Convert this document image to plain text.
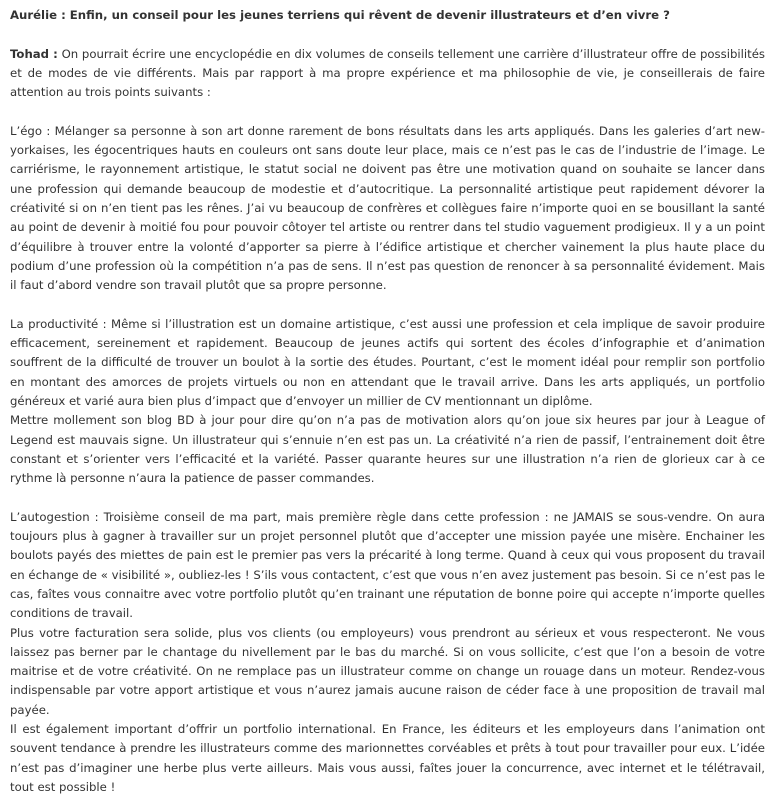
Aurélie : Enfin, un conseil pour les jeunes terriens qui rêvent de devenir illustrateurs et d’en vivre ?

Tohad : On pourrait écrire une encyclopédie en dix volumes de conseils tellement une carrière d’illustrateur offre de possibilités et de modes de vie différents. Mais par rapport à ma propre expérience et ma philosophie de vie, je conseillerais de faire attention au trois points suivants :

L’égo : Mélanger sa personne à son art donne rarement de bons résultats dans les arts appliqués. Dans les galeries d’art new-yorkaises, les égocentriques hauts en couleurs ont sans doute leur place, mais ce n’est pas le cas de l’industrie de l’image. Le carriérisme, le rayonnement artistique, le statut social ne doivent pas être une motivation quand on souhaite se lancer dans une profession qui demande beaucoup de modestie et d’autocritique. La personnalité artistique peut rapidement dévorer la créativité si on n’en tient pas les rênes. J’ai vu beaucoup de confrères et collègues faire n’importe quoi en se bousillant la santé au point de devenir à moitié fou pour pouvoir côtoyer tel artiste ou rentrer dans tel studio vaguement prodigieux. Il y a un point d’équilibre à trouver entre la volonté d’apporter sa pierre à l’édifice artistique et chercher vainement la plus haute place du podium d’une profession où la compétition n’a pas de sens. Il n’est pas question de renoncer à sa personnalité évidement. Mais il faut d’abord vendre son travail plutôt que sa propre personne.

La productivité : Même si l’illustration est un domaine artistique, c’est aussi une profession et cela implique de savoir produire efficacement, sereinement et rapidement. Beaucoup de jeunes actifs qui sortent des écoles d’infographie et d’animation souffrent de la difficulté de trouver un boulot à la sortie des études. Pourtant, c’est le moment idéal pour remplir son portfolio en montant des amorces de projets virtuels ou non en attendant que le travail arrive. Dans les arts appliqués, un portfolio généreux et varié aura bien plus d’impact que d’envoyer un millier de CV mentionnant un diplôme.

Mettre mollement son blog BD à jour pour dire qu’on n’a pas de motivation alors qu’on joue six heures par jour à League of Legend est mauvais signe. Un illustrateur qui s’ennuie n’en est pas un. La créativité n’a rien de passif, l’entrainement doit être constant et s’orienter vers l’efficacité et la variété. Passer quarante heures sur une illustration n’a rien de glorieux car à ce rythme là personne n’aura la patience de passer commandes.

L’autogestion : Troisième conseil de ma part, mais première règle dans cette profession : ne JAMAIS se sous-vendre. On aura toujours plus à gagner à travailler sur un projet personnel plutôt que d’accepter une mission payée une misère. Enchainer les boulots payés des miettes de pain est le premier pas vers la précarité à long terme. Quand à ceux qui vous proposent du travail en échange de « visibilité », oubliez-les ! S’ils vous contactent, c’est que vous n’en avez justement pas besoin. Si ce n’est pas le cas, faîtes vous connaitre avec votre portfolio plutôt qu’en trainant une réputation de bonne poire qui accepte n’importe quelles conditions de travail.

Plus votre facturation sera solide, plus vos clients (ou employeurs) vous prendront au sérieux et vous respecteront. Ne vous laissez pas berner par le chantage du nivellement par le bas du marché. Si on vous sollicite, c’est que l’on a besoin de votre maitrise et de votre créativité. On ne remplace pas un illustrateur comme on change un rouage dans un moteur. Rendez-vous indispensable par votre apport artistique et vous n’aurez jamais aucune raison de céder face à une proposition de travail mal payée.

Il est également important d’offrir un portfolio international. En France, les éditeurs et les employeurs dans l’animation ont souvent tendance à prendre les illustrateurs comme des marionnettes corvéables et prêts à tout pour travailler pour eux. L’idée n’est pas d’imaginer une herbe plus verte ailleurs. Mais vous aussi, faîtes jouer la concurrence, avec internet et le télétravail, tout est possible !
